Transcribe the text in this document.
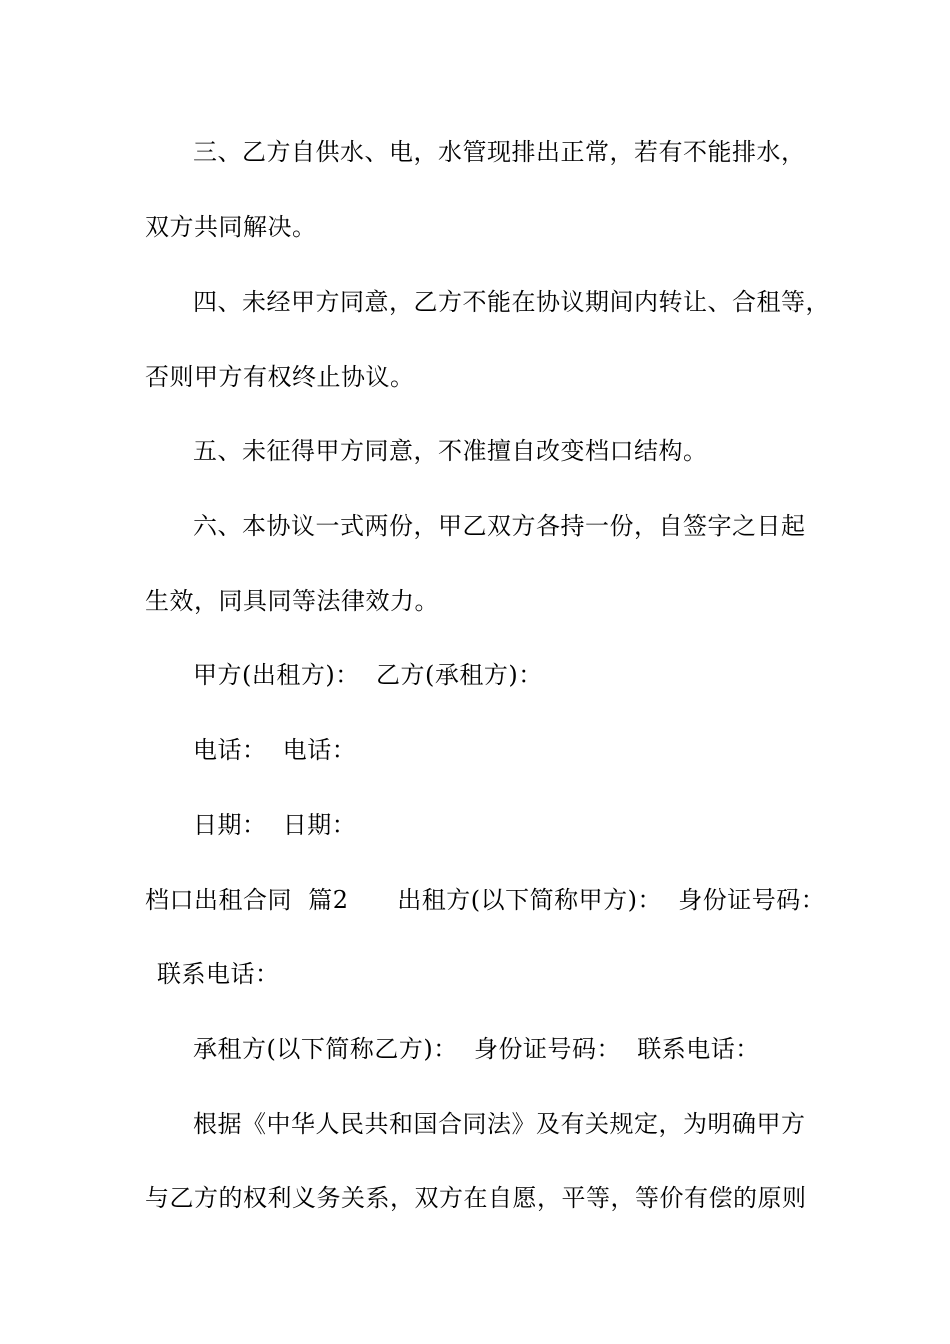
三、乙方自供水、电，水管现排出正常，若有不能排水，
双方共同解决。
四、未经甲方同意，乙方不能在协议期间内转让、合租等，
否则甲方有权终止协议。
五、未征得甲方同意，不准擅自改变档口结构。
六、本协议一式两份，甲乙双方各持一份，自签字之日起
生效，同具同等法律效力。
甲方(出租方)：  乙方(承租方)：
电话：  电话：
日期：  日期：
档口出租合同  篇2      出租方(以下简称甲方)：  身份证号码：
联系电话：
承租方(以下简称乙方)：  身份证号码：  联系电话：
根据《中华人民共和国合同法》及有关规定，为明确甲方
与乙方的权利义务关系，双方在自愿，平等，等价有偿的原则
